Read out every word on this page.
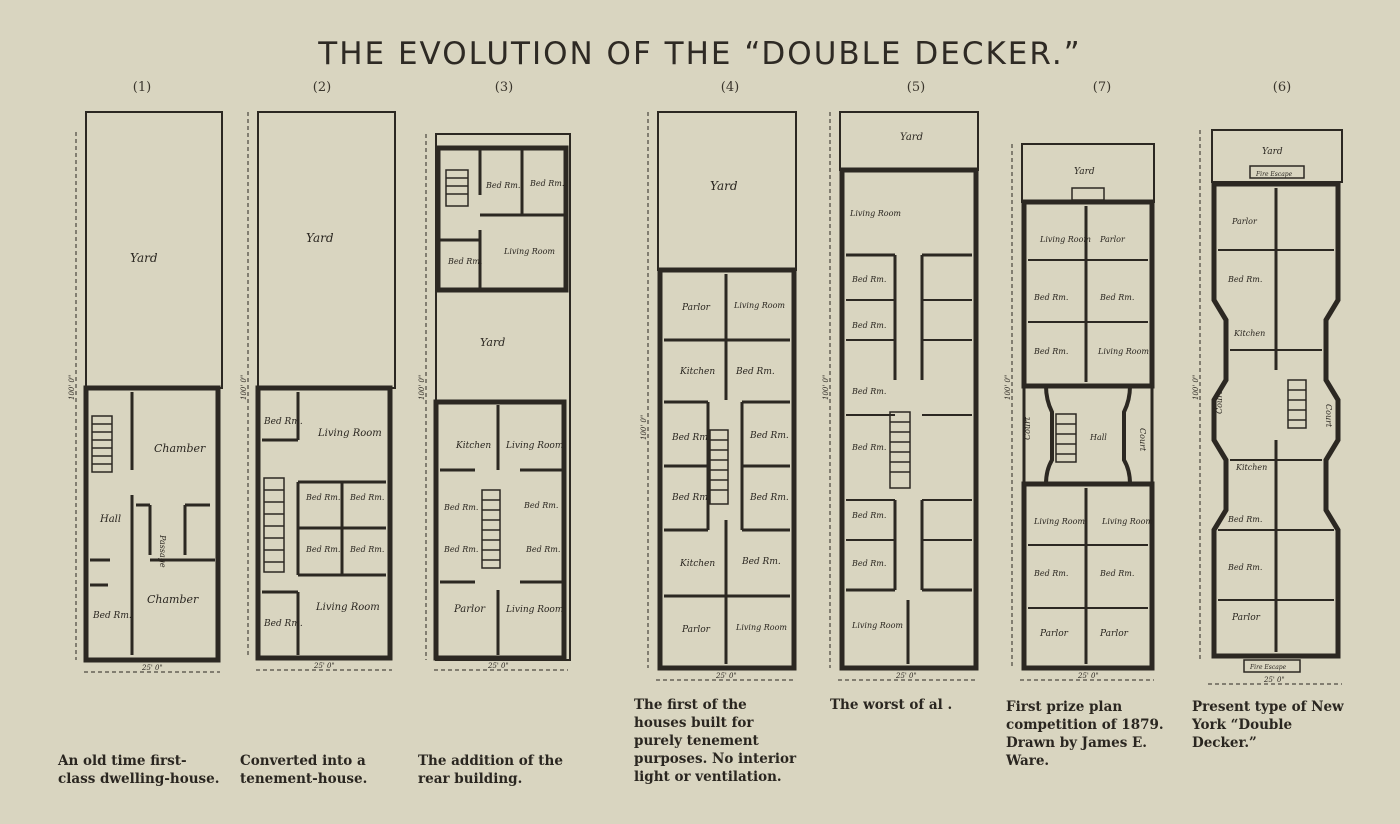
THE EVOLUTION OF THE “DOUBLE DECKER.”
(1)	(2)	(3)	(4)	(5)	(7)	(6)
Yard
Chamber
Hall
Chamber
Bed Rm.
Passage
Yard
Bed Rm.
Living Room
Bed Rm. Bed Rm.
Bed Rm. Bed Rm.
Living Room
Bed Rm.
Bed Rm. Bed Rm.
Living Room
Bed Rm.
Yard
Kitchen Living Room
Bed Rm.	Bed Rm.
Bed Rm.	Bed Rm.
Parlor Living Room
Yard
Parlor	Living Room
Kitchen Bed Rm.
Bed Rm.	Bed Rm.
Bed Rm.	Bed Rm.
Kitchen	Bed Rm.
Parlor	Living Room
Yard
Living Room
Bed Rm.
Bed Rm.
Bed Rm.
Bed Rm.
Bed Rm.
Bed Rm.
Living Room
Yard
Living Room Parlor
Bed Rm.	Bed Rm.
Bed Rm.	Living Room
Court	Hall	Court
Living Room Living Room
Bed Rm.	Bed Rm.
Parlor	Parlor
Yard
Fire Escape
Parlor
Bed Rm.
Kitchen
Court
Court
Kitchen
Bed Rm.
Bed Rm.
Parlor
Fire Escape
25' 0"	25' 0"	25' 0"
25' 0"	25' 0"	25' 0"	25' 0"
100' 0"	100' 0"	100' 0"
100' 0"
100' 0"	100' 0"	100' 0"
An old time first-class dwelling-house.
Converted into a tenement-house.
The addition of the rear building.
The first of the houses built for purely tenement purposes. No interior light or ventilation.
The worst of al .	First prize plan competition of 1879. Drawn by James E. Ware.
Present type of New York “Double Decker.”
